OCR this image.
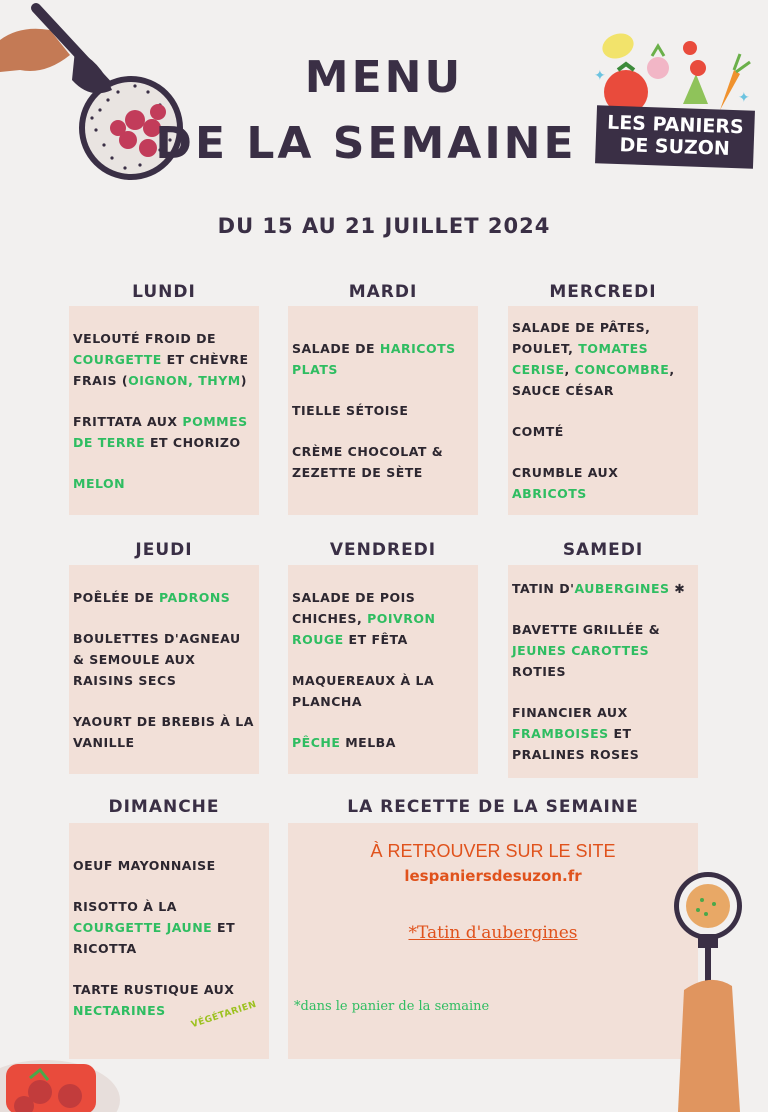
✦
✦
LES PANIERS
DE SUZON
MENU
DE LA SEMAINE
DU 15 AU 21 JUILLET 2024
LUNDI	MARDI	MERCREDI
JEUDI	VENDREDI	SAMEDI
DIMANCHE	LA RECETTE DE LA SEMAINE
VELOUTÉ FROID DE COURGETTE ET CHÈVRE FRAIS (OIGNON, THYM)
FRITTATA AUX POMMES DE TERRE ET CHORIZO
MELON
SALADE DE HARICOTS PLATS
TIELLE SÉTOISE
CRÈME CHOCOLAT & ZEZETTE DE SÈTE
SALADE DE PÂTES, POULET, TOMATES CERISE, CONCOMBRE, SAUCE CÉSAR
COMTÉ
CRUMBLE AUX ABRICOTS
POÊLÉE DE PADRONS
BOULETTES D'AGNEAU & SEMOULE AUX RAISINS SECS
YAOURT DE BREBIS À LA VANILLE
SALADE DE POIS CHICHES, POIVRON ROUGE ET FÊTA
MAQUEREAUX À LA PLANCHA
PÊCHE MELBA
TATIN D'AUBERGINES ✱
BAVETTE GRILLÉE & JEUNES CAROTTES ROTIES
FINANCIER AUX FRAMBOISES ET PRALINES ROSES
OEUF MAYONNAISE
RISOTTO À LA COURGETTE JAUNE ET RICOTTA
TARTE RUSTIQUE AUX NECTARINES	VÉGÉTARIEN
À RETROUVER SUR LE SITE
lespaniersdesuzon.fr
*Tatin d'aubergines
*dans le panier de la semaine
